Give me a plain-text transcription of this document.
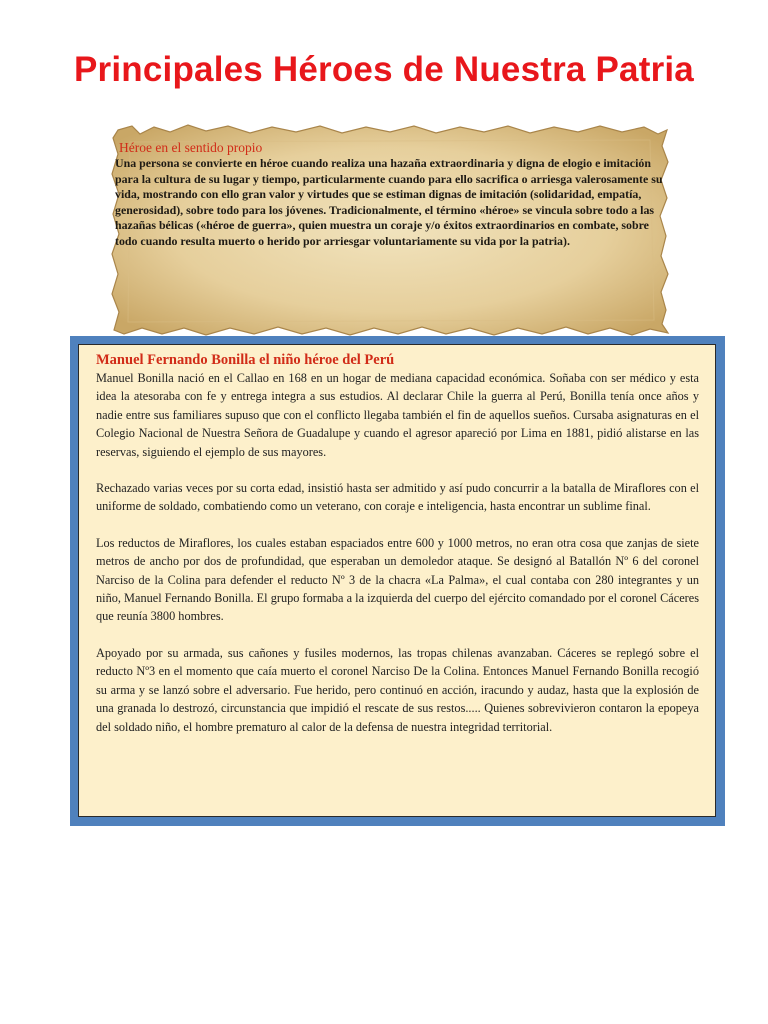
Principales Héroes de Nuestra Patria
Héroe en el sentido propio

Una persona se convierte en héroe cuando realiza una hazaña extraordinaria y digna de elogio e imitación para la cultura de su lugar y tiempo, particularmente cuando para ello sacrifica o arriesga valerosamente su vida, mostrando con ello gran valor y virtudes que se estiman dignas de imitación (solidaridad, empatía, generosidad), sobre todo para los jóvenes. Tradicionalmente, el término «héroe» se vincula sobre todo a las hazañas bélicas («héroe de guerra», quien muestra un coraje y/o éxitos extraordinarios en combate, sobre todo cuando resulta muerto o herido por arriesgar voluntariamente su vida por la patria).

Manuel Fernando Bonilla el niño héroe del Perú

Manuel Bonilla nació en el Callao en 168 en un hogar de mediana capacidad económica. Soñaba con ser médico y esta idea la atesoraba con fe y entrega integra a sus estudios. Al declarar Chile la guerra al Perú, Bonilla tenía once años y nadie entre sus familiares supuso que con el conflicto llegaba también el fin de aquellos sueños. Cursaba asignaturas en el Colegio Nacional de Nuestra Señora de Guadalupe y cuando el agresor apareció por Lima en 1881, pidió alistarse en las reservas, siguiendo el ejemplo de sus mayores.

Rechazado varias veces por su corta edad, insistió hasta ser admitido y así pudo concurrir a la batalla de Miraflores con el uniforme de soldado, combatiendo como un veterano, con coraje e inteligencia, hasta encontrar un sublime final.

Los reductos de Miraflores, los cuales estaban espaciados entre 600 y 1000 metros, no eran otra cosa que zanjas de siete metros de ancho por dos de profundidad, que esperaban un demoledor ataque. Se designó al Batallón Nº 6 del coronel Narciso de la Colina para defender el reducto Nº 3 de la chacra «La Palma», el cual contaba con 280 integrantes y un niño, Manuel Fernando Bonilla. El grupo formaba a la izquierda del cuerpo del ejército comandado por el coronel Cáceres que reunía 3800 hombres.

Apoyado por su armada, sus cañones y fusiles modernos, las tropas chilenas avanzaban. Cáceres se replegó sobre el reducto Nº3 en el momento que caía muerto el coronel Narciso De la Colina. Entonces Manuel Fernando Bonilla recogió su arma y se lanzó sobre el adversario. Fue herido, pero continuó en acción, iracundo y audaz, hasta que la explosión de una granada lo destrozó, circunstancia que impidió el rescate de sus restos..... Quienes sobrevivieron contaron la epopeya del soldado niño, el hombre prematuro al calor de la defensa de nuestra integridad territorial.
